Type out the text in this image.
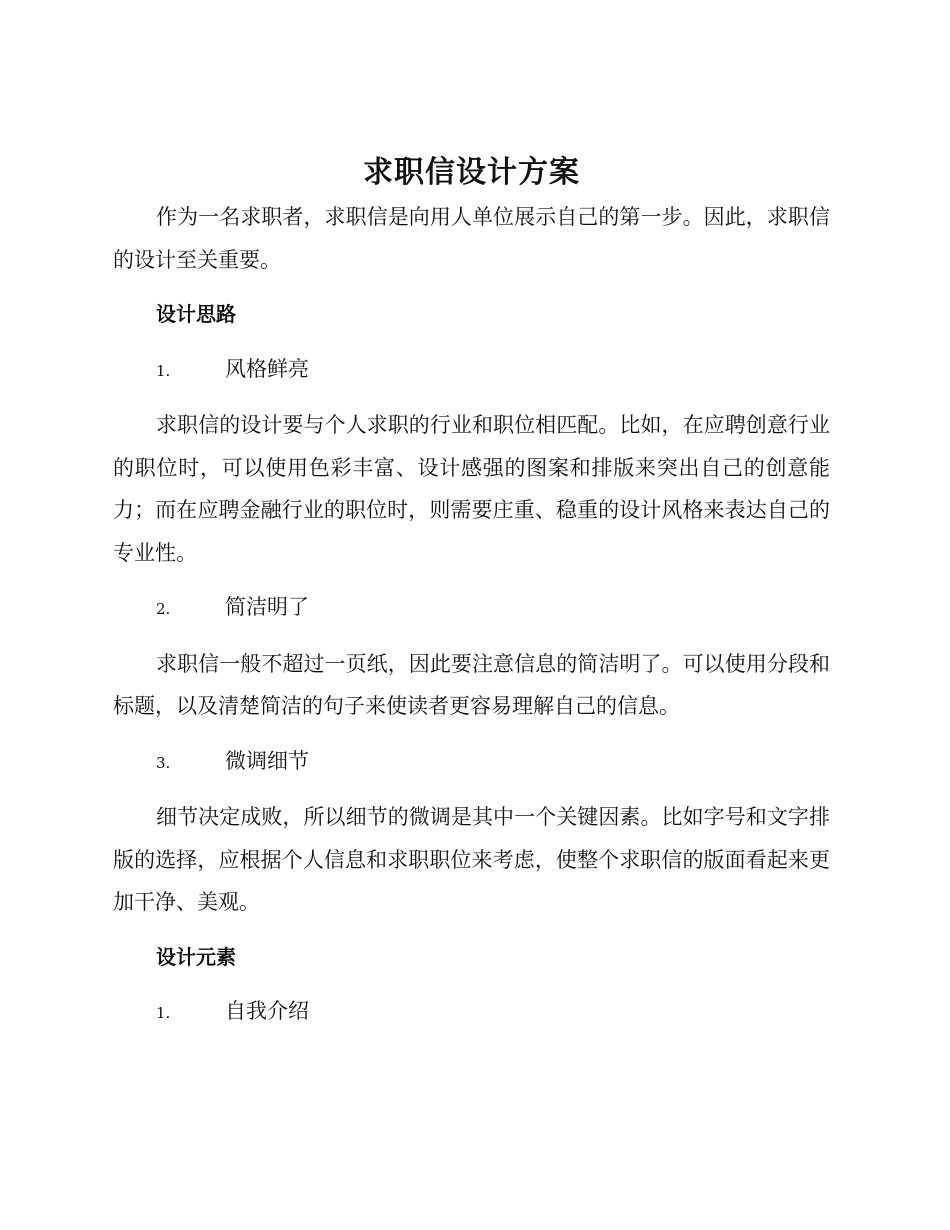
求职信设计方案

作为一名求职者，求职信是向用人单位展示自己的第一步。因此，求职信的设计至关重要。

设计思路
1.	风格鲜亮

求职信的设计要与个人求职的行业和职位相匹配。比如，在应聘创意行业的职位时，可以使用色彩丰富、设计感强的图案和排版来突出自己的创意能力；而在应聘金融行业的职位时，则需要庄重、稳重的设计风格来表达自己的专业性。

2.	简洁明了

求职信一般不超过一页纸，因此要注意信息的简洁明了。可以使用分段和标题，以及清楚简洁的句子来使读者更容易理解自己的信息。

3.	微调细节

细节决定成败，所以细节的微调是其中一个关键因素。比如字号和文字排版的选择，应根据个人信息和求职职位来考虑，使整个求职信的版面看起来更加干净、美观。

设计元素
1.	自我介绍
